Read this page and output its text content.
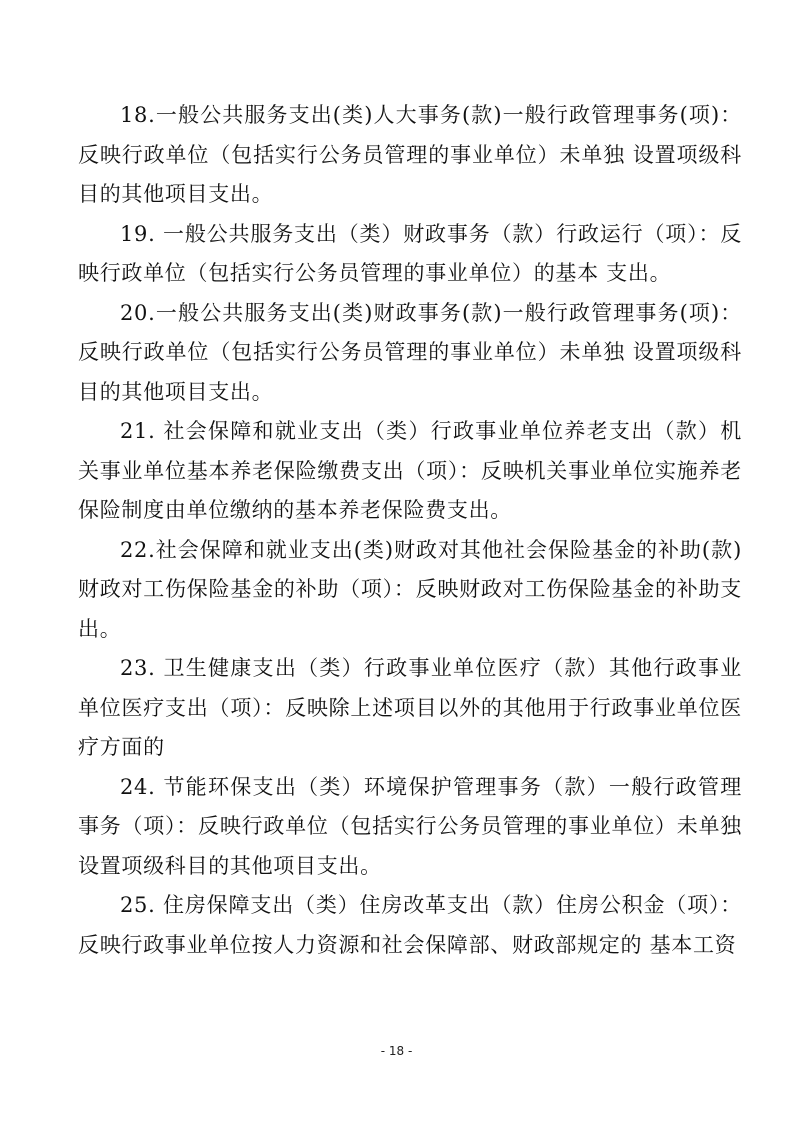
18.一般公共服务支出(类)人大事务(款)一般行政管理事务(项)：反映行政单位（包括实行公务员管理的事业单位）未单独 设置项级科目的其他项目支出。

19. 一般公共服务支出（类）财政事务（款）行政运行（项）：反映行政单位（包括实行公务员管理的事业单位）的基本 支出。

20.一般公共服务支出(类)财政事务(款)一般行政管理事务(项)：反映行政单位（包括实行公务员管理的事业单位）未单独 设置项级科目的其他项目支出。

21. 社会保障和就业支出（类）行政事业单位养老支出（款）机关事业单位基本养老保险缴费支出（项）：反映机关事业单位实施养老保险制度由单位缴纳的基本养老保险费支出。

22.社会保障和就业支出(类)财政对其他社会保险基金的补助(款)财政对工伤保险基金的补助（项）：反映财政对工伤保险基金的补助支出。

23. 卫生健康支出（类）行政事业单位医疗（款）其他行政事业单位医疗支出（项）：反映除上述项目以外的其他用于行政事业单位医疗方面的

24. 节能环保支出（类）环境保护管理事务（款）一般行政管理事务（项）：反映行政单位（包括实行公务员管理的事业单位）未单独设置项级科目的其他项目支出。

25. 住房保障支出（类）住房改革支出（款）住房公积金（项）：反映行政事业单位按人力资源和社会保障部、财政部规定的 基本工资

- 18 -
